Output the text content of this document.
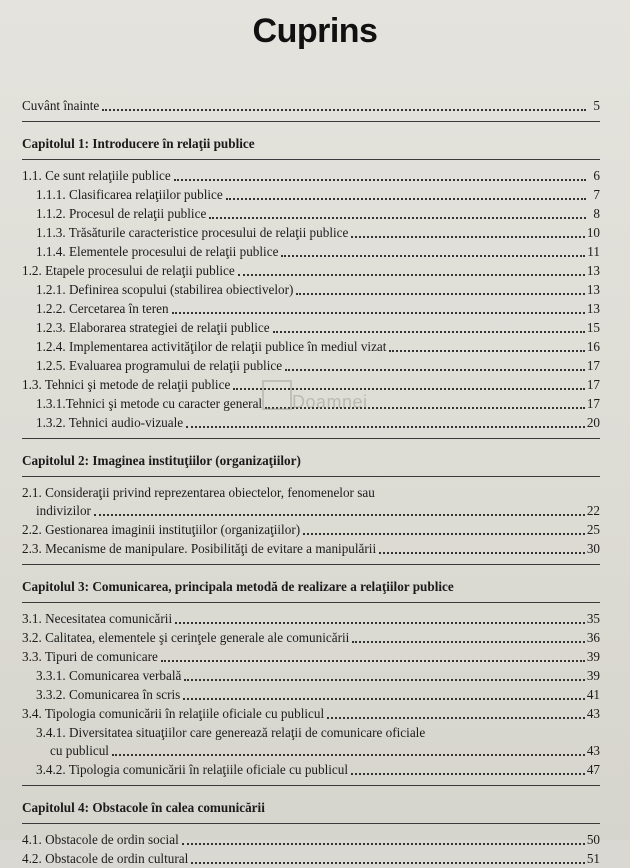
Cuprins
Cuvânt înainte	5
Capitolul 1: Introducere în relaţii publice
1.1. Ce sunt relaţiile publice	6
1.1.1. Clasificarea relaţiilor publice	7
1.1.2. Procesul de relaţii publice	8
1.1.3. Trăsăturile caracteristice procesului de relaţii publice	10
1.1.4. Elementele procesului de relaţii publice	11
1.2. Etapele procesului de relaţii publice	13
1.2.1. Definirea scopului (stabilirea obiectivelor)	13
1.2.2. Cercetarea în teren	13
1.2.3. Elaborarea strategiei de relaţii publice	15
1.2.4. Implementarea activităţilor de relaţii publice în mediul vizat	16
1.2.5. Evaluarea programului de relaţii publice	17
1.3. Tehnici şi metode de relaţii publice	17
1.3.1.Tehnici şi metode cu caracter general	17
1.3.2. Tehnici audio-vizuale	20
Capitolul 2: Imaginea instituţiilor (organizaţiilor)
2.1. Consideraţii privind reprezentarea obiectelor, fenomenelor sau
indivizilor	22
2.2. Gestionarea imaginii instituţiilor (organizaţiilor)	25
2.3. Mecanisme de manipulare. Posibilităţi de evitare a manipulării	30
Capitolul 3: Comunicarea, principala metodă de realizare a relaţiilor publice
3.1. Necesitatea comunicării	35
3.2. Calitatea, elementele şi cerinţele generale ale comunicării	36
3.3. Tipuri de comunicare	39
3.3.1. Comunicarea verbală	39
3.3.2. Comunicarea în scris	41
3.4. Tipologia comunicării în relaţiile oficiale cu publicul	43
3.4.1. Diversitatea situaţiilor care generează relaţii de comunicare oficiale
cu publicul	43
3.4.2. Tipologia comunicării în relaţiile oficiale cu publicul	47
Capitolul 4: Obstacole în calea comunicării
4.1. Obstacole de ordin social	50
4.2. Obstacole de ordin cultural	51
Doamnei
